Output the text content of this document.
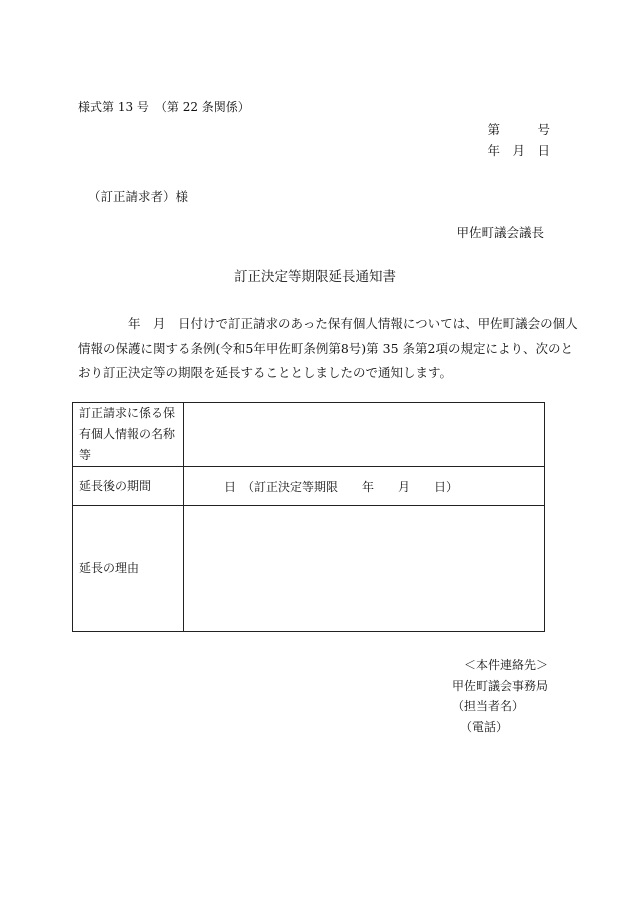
様式第 13 号　（第 22 条関係）
第　　　号
年　月　日
（訂正請求者）様
甲佐町議会議長
訂正決定等期限延長通知書

年　月　日付けで訂正請求のあった保有個人情報については、甲佐町議会の個人

情報の保護に関する条例(令和5年甲佐町条例第8号)第 35 条第2項の規定により、次のと

おり訂正決定等の期限を延長することとしましたので通知します。

訂正請求に係る保
有個人情報の名称
等	

延長後の期間	日　（訂正決定等期限　　年　　月　　日）
延長の理由	
＜本件連絡先＞
甲佐町議会事務局
（担当者名）
（電話）
